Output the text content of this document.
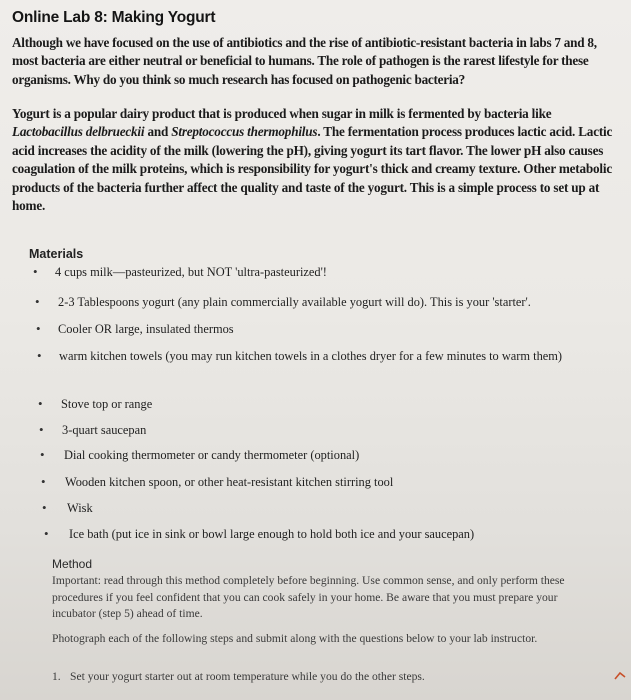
Online Lab 8: Making Yogurt
Although we have focused on the use of antibiotics and the rise of antibiotic-resistant bacteria in labs 7 and 8, most bacteria are either neutral or beneficial to humans. The role of pathogen is the rarest lifestyle for these organisms. Why do you think so much research has focused on pathogenic bacteria?
Yogurt is a popular dairy product that is produced when sugar in milk is fermented by bacteria like Lactobacillus delbrueckii and Streptococcus thermophilus. The fermentation process produces lactic acid. Lactic acid increases the acidity of the milk (lowering the pH), giving yogurt its tart flavor. The lower pH also causes coagulation of the milk proteins, which is responsibility for yogurt's thick and creamy texture. Other metabolic products of the bacteria further affect the quality and taste of the yogurt. This is a simple process to set up at home.
Materials
• 4 cups milk—pasteurized, but NOT 'ultra-pasteurized'!
• 2-3 Tablespoons yogurt (any plain commercially available yogurt will do). This is your 'starter'.
• Cooler OR large, insulated thermos
• warm kitchen towels (you may run kitchen towels in a clothes dryer for a few minutes to warm them)
• Stove top or range
• 3-quart saucepan
• Dial cooking thermometer or candy thermometer (optional)
• Wooden kitchen spoon, or other heat-resistant kitchen stirring tool
• Wisk
• Ice bath (put ice in sink or bowl large enough to hold both ice and your saucepan)
Method
Important: read through this method completely before beginning. Use common sense, and only perform these procedures if you feel confident that you can cook safely in your home. Be aware that you must prepare your incubator (step 5) ahead of time.
Photograph each of the following steps and submit along with the questions below to your lab instructor.
1. Set your yogurt starter out at room temperature while you do the other steps.
